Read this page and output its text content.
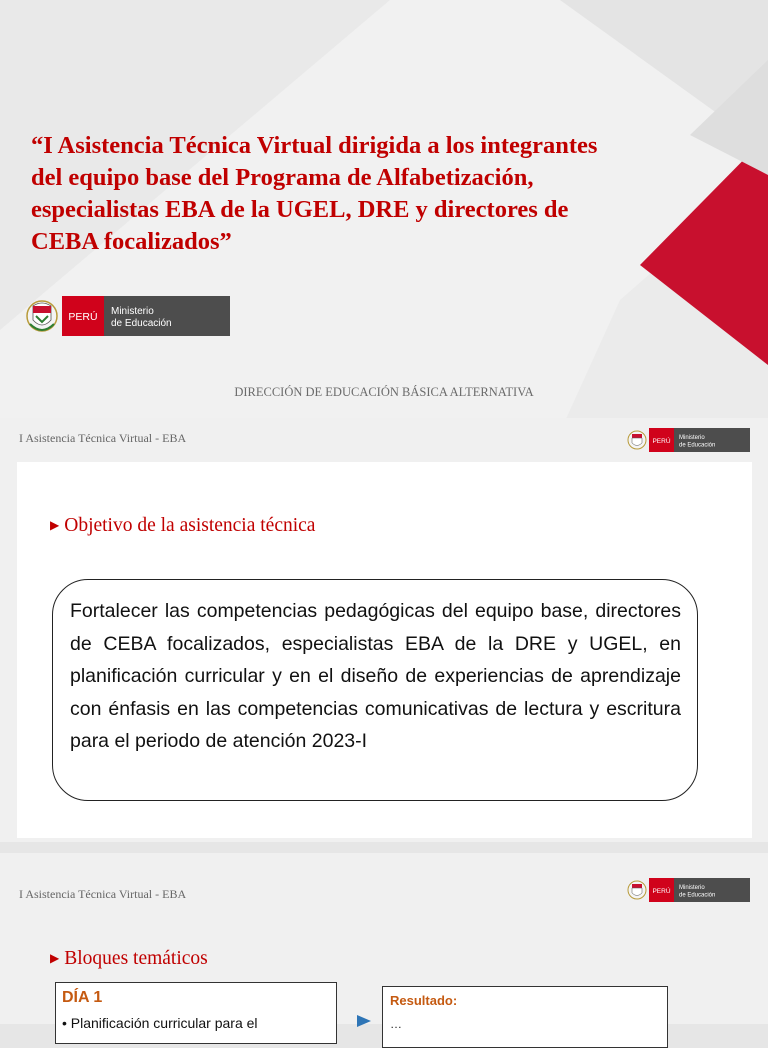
“I Asistencia Técnica Virtual dirigida a los integrantes del equipo base del Programa de Alfabetización, especialistas EBA de la UGEL, DRE y directores de CEBA focalizados”
PERÚ Ministerio
de Educación
DIRECCIÓN DE EDUCACIÓN BÁSICA ALTERNATIVA
I Asistencia Técnica Virtual - EBA	PERÚ Ministerio
de Educación
▶ Objetivo de la asistencia técnica
Fortalecer las competencias pedagógicas del equipo base, directores de CEBA focalizados, especialistas EBA de la DRE y UGEL, en planificación curricular y en el diseño de experiencias de aprendizaje con énfasis en las competencias comunicativas de lectura y escritura para el periodo de atención 2023-I
I Asistencia Técnica Virtual - EBA	PERÚ Ministerio
de Educación
▶ Bloques temáticos
DÍA 1
• Planificación curricular para el
Resultado:
…
